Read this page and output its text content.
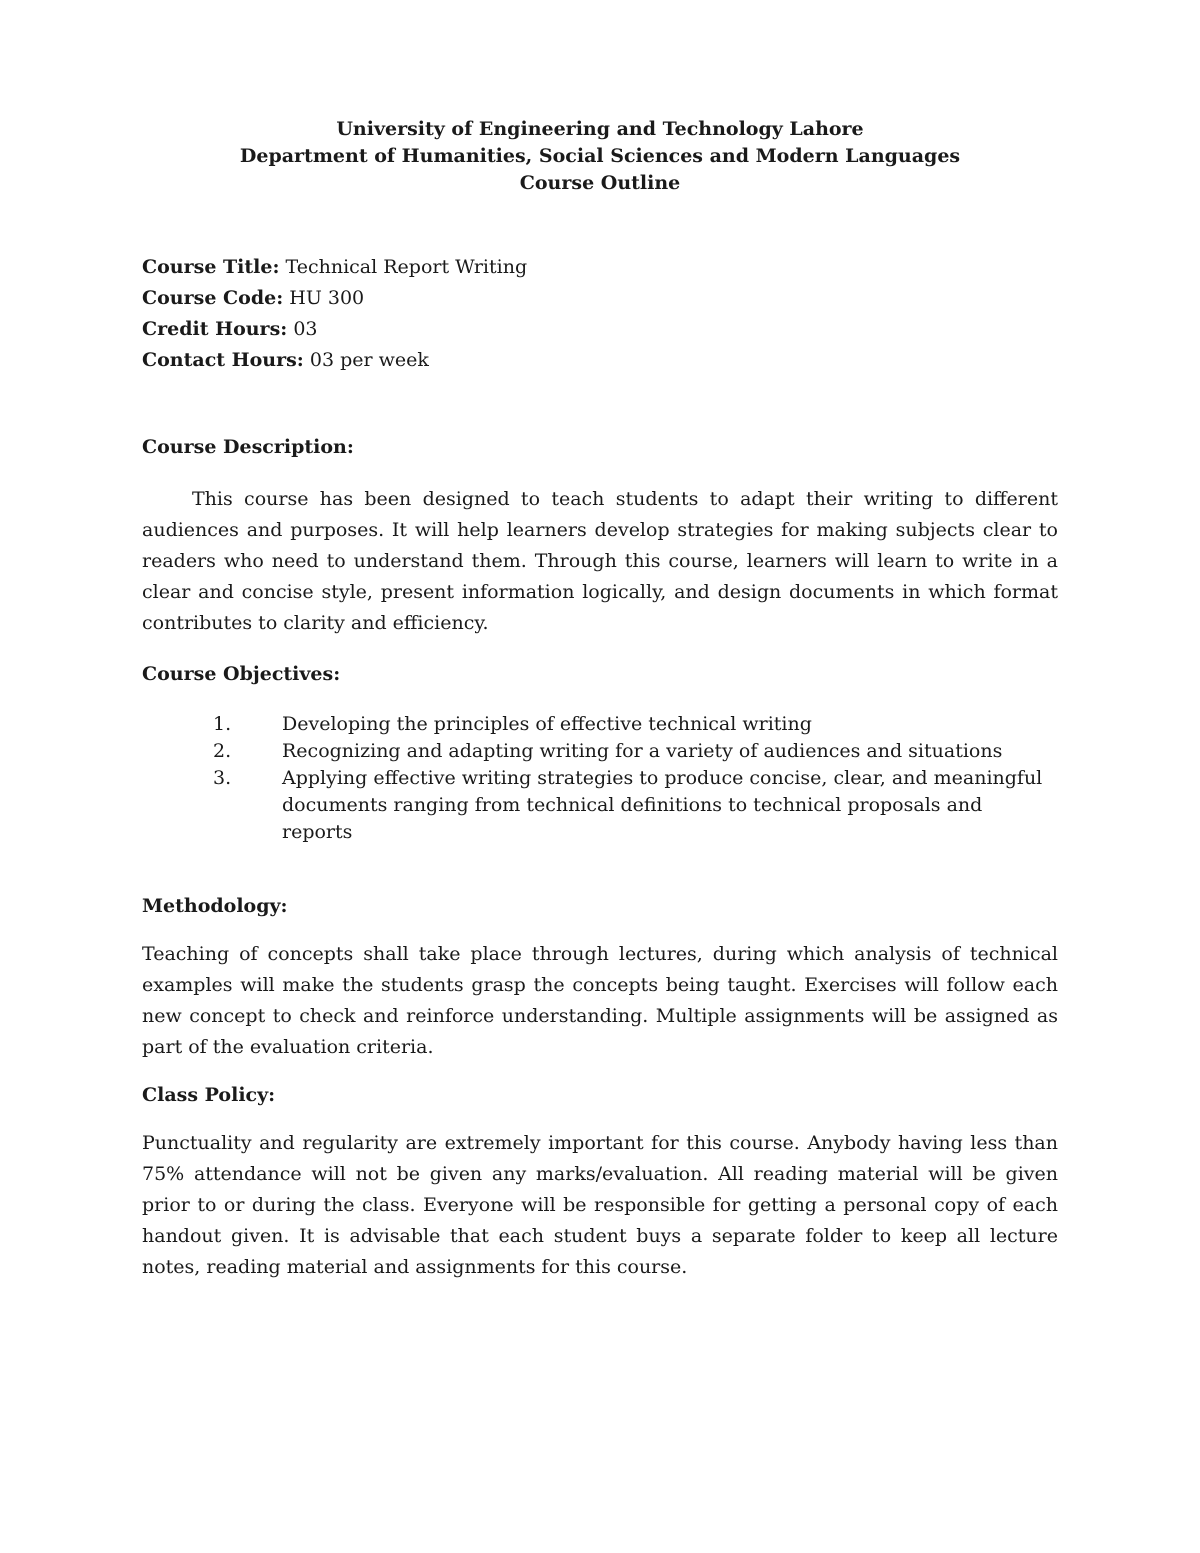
University of Engineering and Technology Lahore
Department of Humanities, Social Sciences and Modern Languages
Course Outline
Course Title: Technical Report Writing
Course Code: HU 300
Credit Hours: 03
Contact Hours: 03 per week
Course Description:

This course has been designed to teach students to adapt their writing to different audiences and purposes. It will help learners develop strategies for making subjects clear to readers who need to understand them. Through this course, learners will learn to write in a clear and concise style, present information logically, and design documents in which format contributes to clarity and efficiency.

Course Objectives:
1.	Developing the principles of effective technical writing
2.	Recognizing and adapting writing for a variety of audiences and situations
3.	Applying effective writing strategies to produce concise, clear, and meaningful documents ranging from technical definitions to technical proposals and reports
Methodology:

Teaching of concepts shall take place through lectures, during which analysis of technical examples will make the students grasp the concepts being taught. Exercises will follow each new concept to check and reinforce understanding. Multiple assignments will be assigned as part of the evaluation criteria.

Class Policy:

Punctuality and regularity are extremely important for this course. Anybody having less than 75% attendance will not be given any marks/evaluation. All reading material will be given prior to or during the class. Everyone will be responsible for getting a personal copy of each handout given. It is advisable that each student buys a separate folder to keep all lecture notes, reading material and assignments for this course.
